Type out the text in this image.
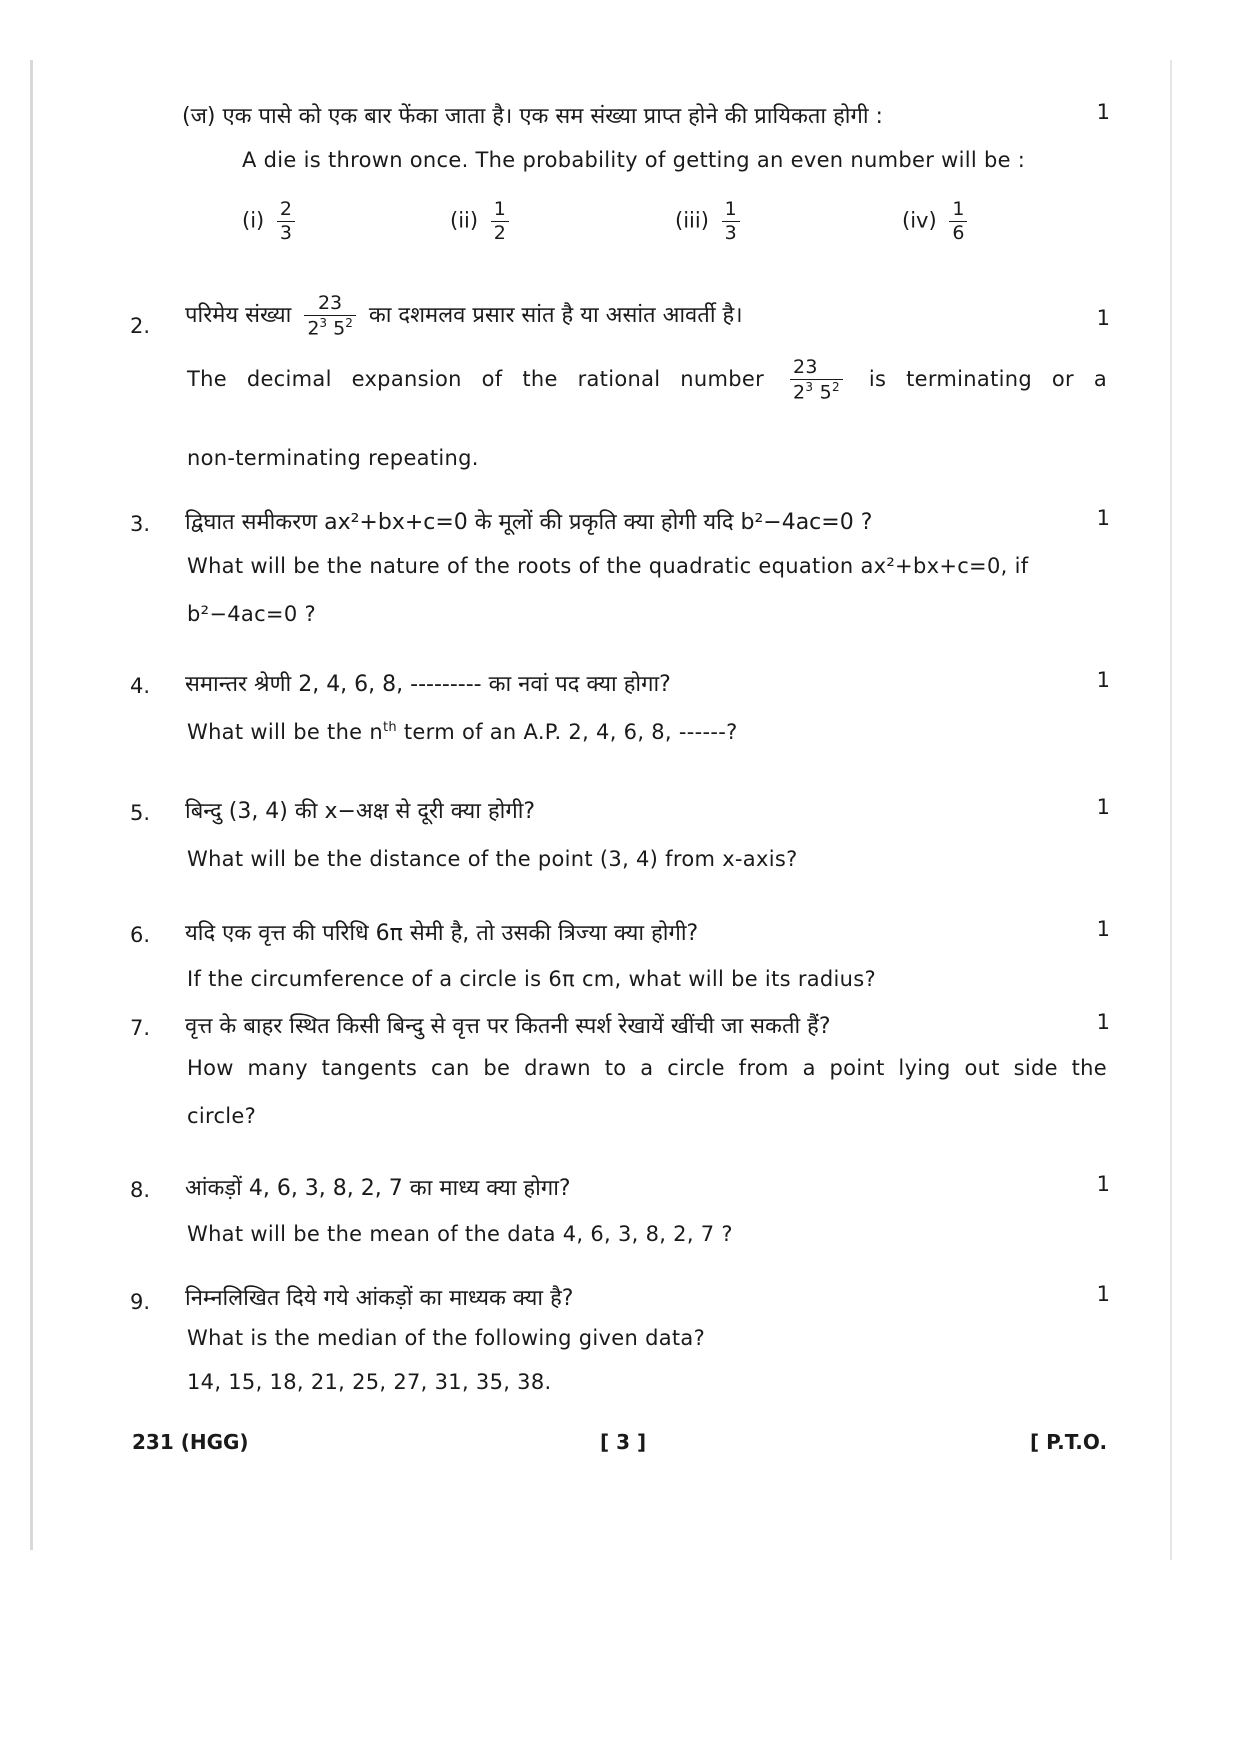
(ज) एक पासे को एक बार फेंका जाता है। एक सम संख्या प्राप्त होने की प्रायिकता होगी :	1
A die is thrown once. The probability of getting an even number will be :
$(i) \frac{2}{3}$	$(ii) \frac{1}{2}$	$(iii) \frac{1}{3}$	$(iv) \frac{1}{6}$
2. परिमेय संख्या $\frac{23}{2^3 5^2}$ का दशमलव प्रसार सांत है या असांत आवर्ती है।	1
The decimal expansion of the rational number $\frac{23}{2^3 5^2}$ is terminating or a
non-terminating repeating.
3. द्विघात समीकरण ax²+bx+c=0 के मूलों की प्रकृति क्या होगी यदि b²−4ac=0 ?	1
What will be the nature of the roots of the quadratic equation ax²+bx+c=0, if
b²−4ac=0 ?
4. समान्तर श्रेणी 2, 4, 6, 8, --------- का नवां पद क्या होगा?	1
What will be the $n^{th}$ term of an A.P. 2, 4, 6, 8, ------?
5. बिन्दु (3, 4) की x−अक्ष से दूरी क्या होगी?	1
What will be the distance of the point (3, 4) from x-axis?
6. यदि एक वृत्त की परिधि 6π सेमी है, तो उसकी त्रिज्या क्या होगी?	1
If the circumference of a circle is 6π cm, what will be its radius?
7. वृत्त के बाहर स्थित किसी बिन्दु से वृत्त पर कितनी स्पर्श रेखायें खींची जा सकती हैं?	1
How many tangents can be drawn to a circle from a point lying out side the
circle?
8. आंकड़ों 4, 6, 3, 8, 2, 7 का माध्य क्या होगा?	1
What will be the mean of the data 4, 6, 3, 8, 2, 7 ?
9. निम्नलिखित दिये गये आंकड़ों का माध्यक क्या है?	1
What is the median of the following given data?
14, 15, 18, 21, 25, 27, 31, 35, 38.
231 (HGG)	[ 3 ]	[ P.T.O.
